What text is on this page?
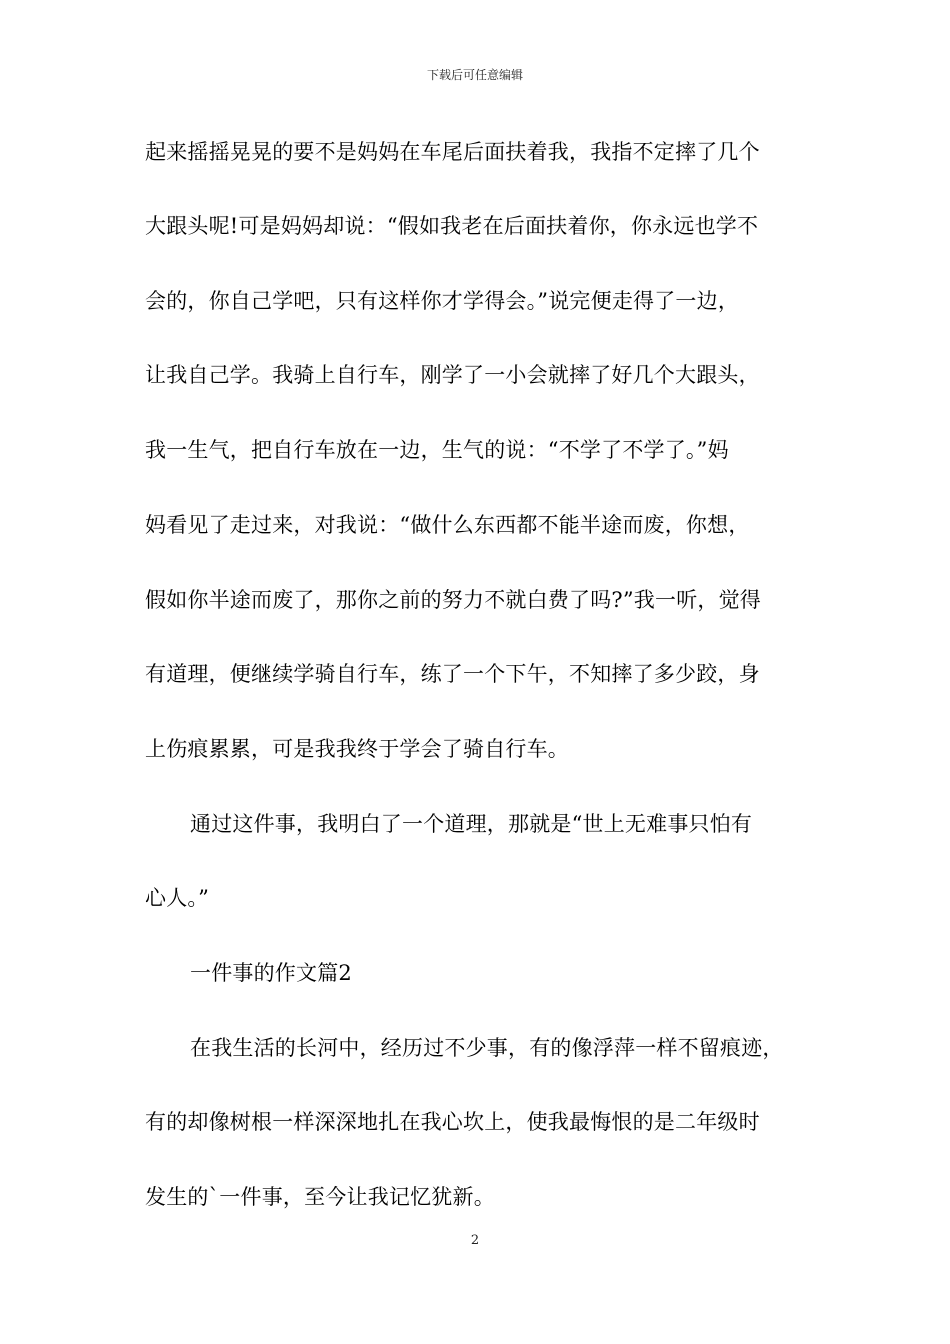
下载后可任意编辑
起来摇摇晃晃的要不是妈妈在车尾后面扶着我，我指不定摔了几个
大跟头呢!可是妈妈却说：“假如我老在后面扶着你，你永远也学不
会的，你自己学吧，只有这样你才学得会。”说完便走得了一边，
让我自己学。我骑上自行车，刚学了一小会就摔了好几个大跟头，
我一生气，把自行车放在一边，生气的说：“不学了不学了。”妈
妈看见了走过来，对我说：“做什么东西都不能半途而废，你想，
假如你半途而废了，那你之前的努力不就白费了吗?”我一听，觉得
有道理，便继续学骑自行车，练了一个下午，不知摔了多少跤，身
上伤痕累累，可是我我终于学会了骑自行车。
通过这件事，我明白了一个道理，那就是“世上无难事只怕有
心人。”
一件事的作文篇2
在我生活的长河中，经历过不少事，有的像浮萍一样不留痕迹，
有的却像树根一样深深地扎在我心坎上，使我最悔恨的是二年级时
发生的`一件事，至今让我记忆犹新。
2
